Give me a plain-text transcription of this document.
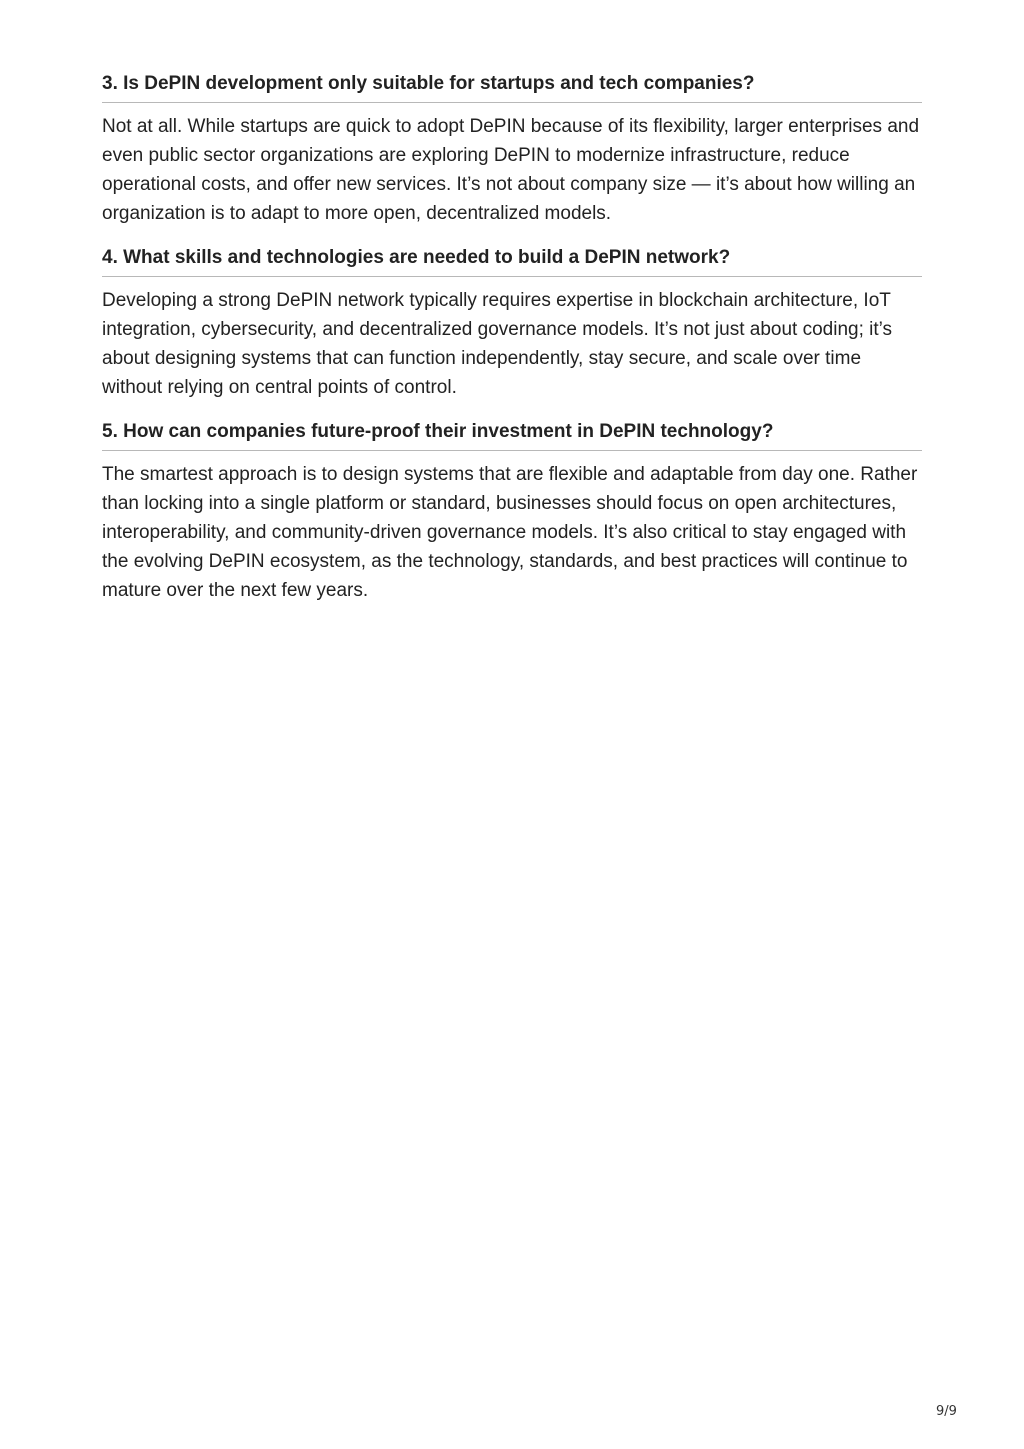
3. Is DePIN development only suitable for startups and tech companies?

Not at all. While startups are quick to adopt DePIN because of its flexibility, larger enterprises and even public sector organizations are exploring DePIN to modernize infrastructure, reduce operational costs, and offer new services. It’s not about company size — it’s about how willing an organization is to adapt to more open, decentralized models.

4. What skills and technologies are needed to build a DePIN network?

Developing a strong DePIN network typically requires expertise in blockchain architecture, IoT integration, cybersecurity, and decentralized governance models. It’s not just about coding; it’s about designing systems that can function independently, stay secure, and scale over time without relying on central points of control.

5. How can companies future-proof their investment in DePIN technology?

The smartest approach is to design systems that are flexible and adaptable from day one. Rather than locking into a single platform or standard, businesses should focus on open architectures, interoperability, and community-driven governance models. It’s also critical to stay engaged with the evolving DePIN ecosystem, as the technology, standards, and best practices will continue to mature over the next few years.

9/9
